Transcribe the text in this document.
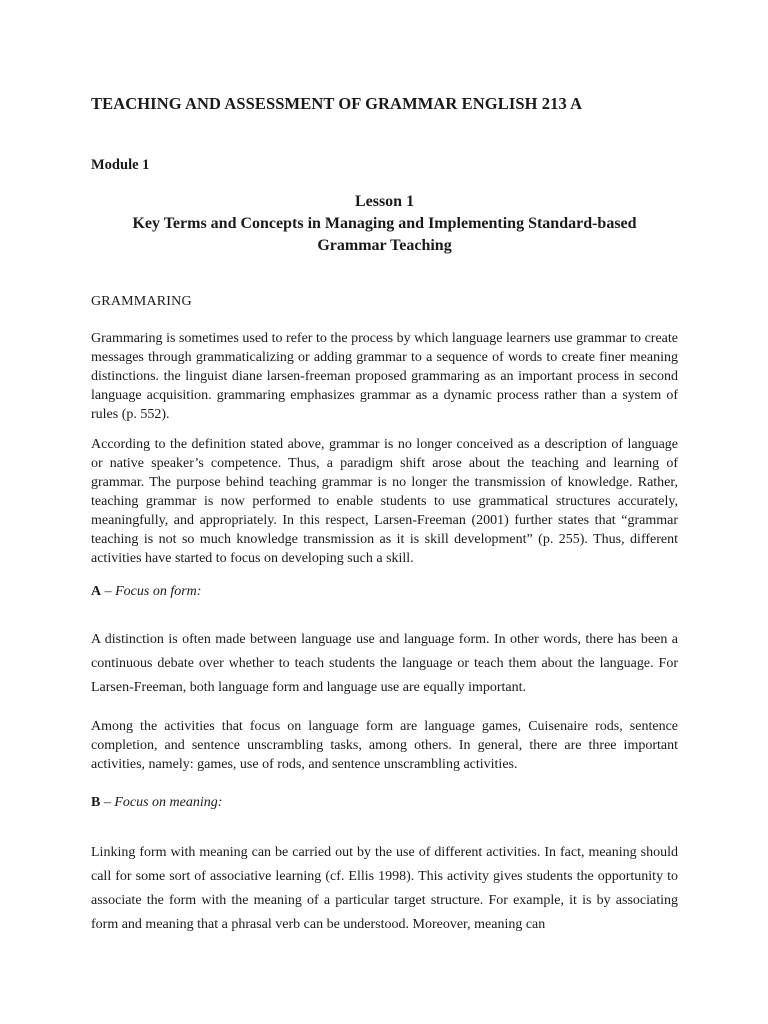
TEACHING AND ASSESSMENT OF GRAMMAR ENGLISH 213 A
Module 1
Lesson 1
Key Terms and Concepts in Managing and Implementing Standard-based
Grammar Teaching
GRAMMARING

Grammaring is sometimes used to refer to the process by which language learners use grammar to create messages through grammaticalizing or adding grammar to a sequence of words to create finer meaning distinctions. the linguist diane larsen-freeman proposed grammaring as an important process in second language acquisition. grammaring emphasizes grammar as a dynamic process rather than a system of rules (p. 552).

According to the definition stated above, grammar is no longer conceived as a description of language or native speaker’s competence. Thus, a paradigm shift arose about the teaching and learning of grammar. The purpose behind teaching grammar is no longer the transmission of knowledge. Rather, teaching grammar is now performed to enable students to use grammatical structures accurately, meaningfully, and appropriately. In this respect, Larsen-Freeman (2001) further states that “grammar teaching is not so much knowledge transmission as it is skill development” (p. 255). Thus, different activities have started to focus on developing such a skill.

A – Focus on form:

A distinction is often made between language use and language form. In other words, there has been a continuous debate over whether to teach students the language or teach them about the language. For Larsen-Freeman, both language form and language use are equally important.

Among the activities that focus on language form are language games, Cuisenaire rods, sentence completion, and sentence unscrambling tasks, among others. In general, there are three important activities, namely: games, use of rods, and sentence unscrambling activities.

B – Focus on meaning:

Linking form with meaning can be carried out by the use of different activities. In fact, meaning should call for some sort of associative learning (cf. Ellis 1998). This activity gives students the opportunity to associate the form with the meaning of a particular target structure. For example, it is by associating form and meaning that a phrasal verb can be understood. Moreover, meaning can
